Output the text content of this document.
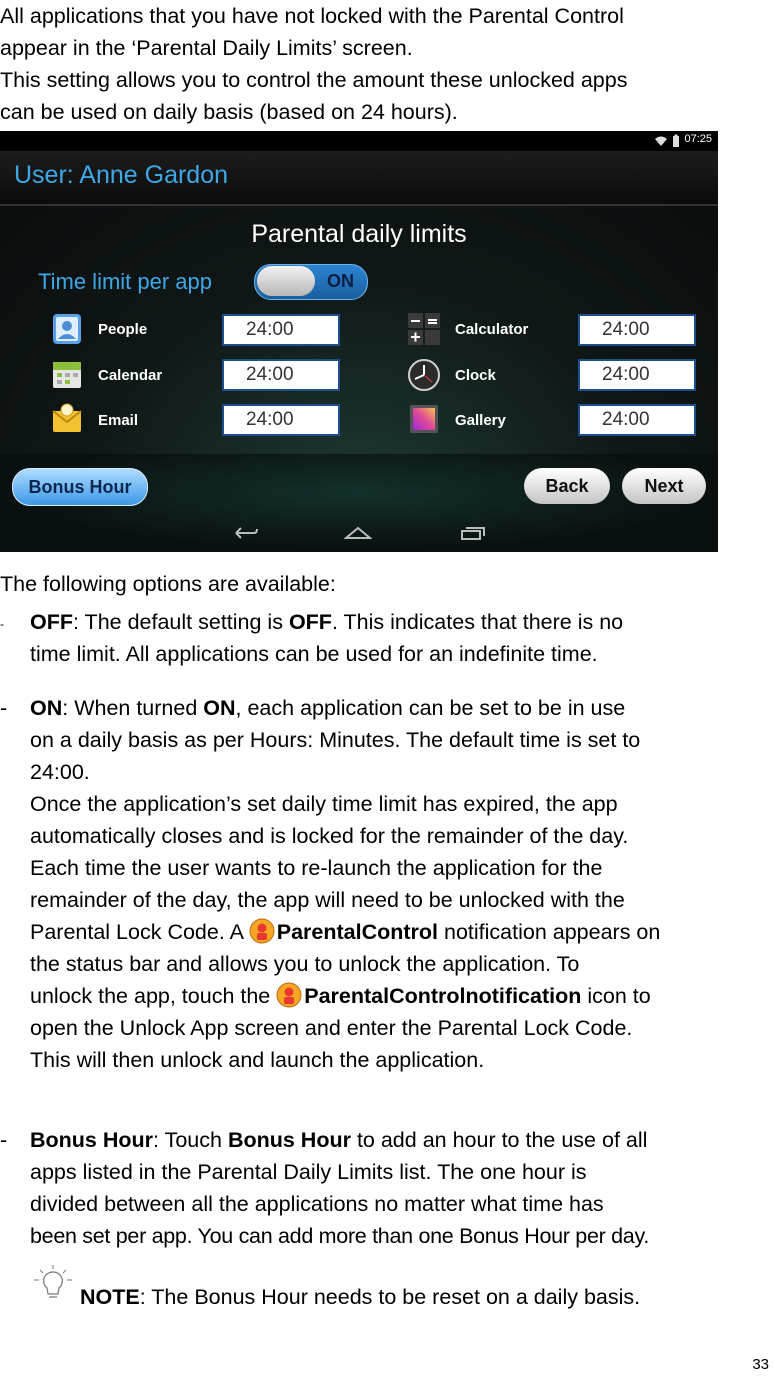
All applications that you have not locked with the Parental Control
appear in the ‘Parental Daily Limits’ screen.
This setting allows you to control the amount these unlocked apps
can be used on daily basis (based on 24 hours).
07:25
User: Anne Gardon
Parental daily limits
Time limit per app	ON
People	24:00
Calendar	24:00
Email	24:00
Calculator	24:00
Clock	24:00
Gallery	24:00
Bonus Hour	Back	Next
The following options are available:
- OFF: The default setting is OFF. This indicates that there is no
time limit. All applications can be used for an indefinite time.
- ON: When turned ON, each application can be set to be in use
on a daily basis as per Hours: Minutes. The default time is set to
24:00.
Once the application’s set daily time limit has expired, the app
automatically closes and is locked for the remainder of the day.
Each time the user wants to re-launch the application for the
remainder of the day, the app will need to be unlocked with the
Parental Lock Code. A ParentalControl notification appears on
the status bar and allows you to unlock the application. To
unlock the app, touch the ParentalControlnotification icon to
open the Unlock App screen and enter the Parental Lock Code.
This will then unlock and launch the application.
- Bonus Hour: Touch Bonus Hour to add an hour to the use of all
apps listed in the Parental Daily Limits list. The one hour is
divided between all the applications no matter what time has
been set per app. You can add more than one Bonus Hour per day.
NOTE: The Bonus Hour needs to be reset on a daily basis.
33
